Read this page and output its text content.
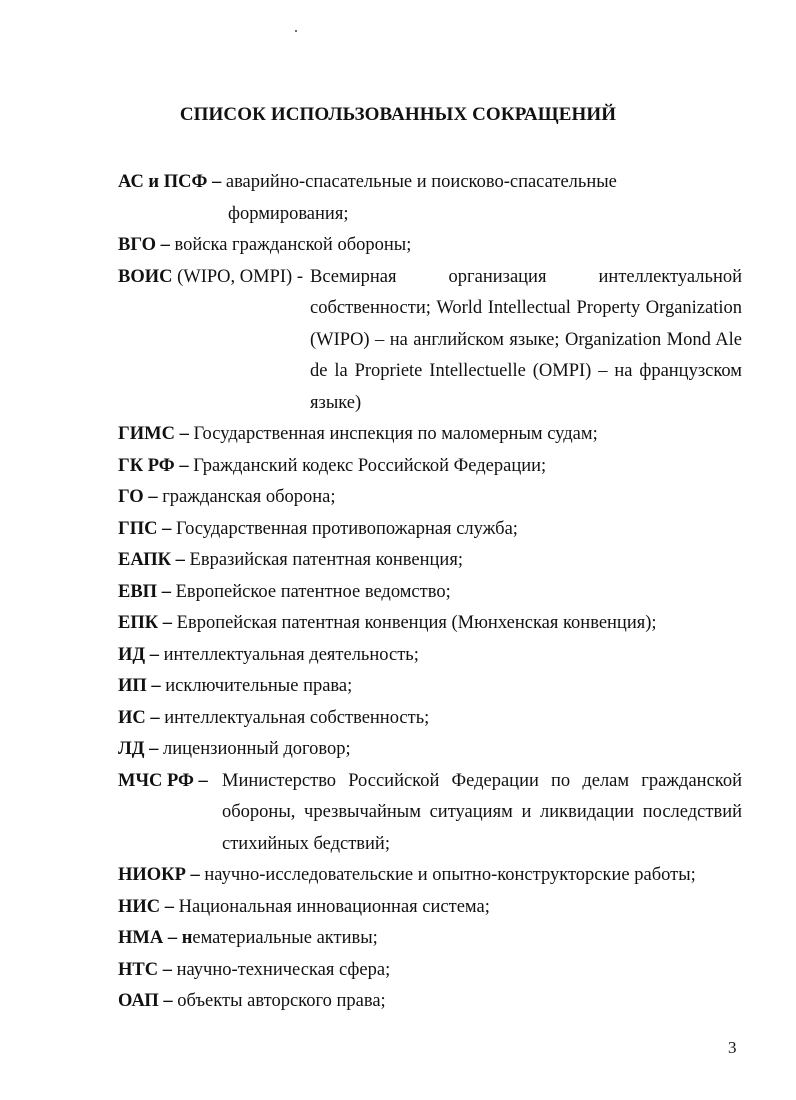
СПИСОК ИСПОЛЬЗОВАННЫХ СОКРАЩЕНИЙ
АС и ПСФ – аварийно-спасательные и поисково-спасательные
формирования;
ВГО – войска гражданской обороны;
ВОИС (WIPO, OMPI) - Всемирная организация интеллектуальной собственности; World Intellectual Property Organization (WIPO) – на английском языке; Organization Mond Ale de la Propriete Intellectuelle (OMPI) – на французском языке)
ГИМС – Государственная инспекция по маломерным судам;
ГК РФ – Гражданский кодекс Российской Федерации;
ГО – гражданская оборона;
ГПС – Государственная противопожарная служба;
ЕАПК – Евразийская патентная конвенция;
ЕВП – Европейское патентное ведомство;
ЕПК – Европейская патентная конвенция (Мюнхенская конвенция);
ИД – интеллектуальная деятельность;
ИП – исключительные права;
ИС – интеллектуальная собственность;
ЛД – лицензионный договор;
МЧС РФ – Министерство Российской Федерации по делам гражданской обороны, чрезвычайным ситуациям и ликвидации последствий стихийных бедствий;
НИОКР – научно-исследовательские и опытно-конструкторские работы;
НИС – Национальная инновационная система;
НМА – нематериальные активы;
НТС – научно-техническая сфера;
ОАП – объекты авторского права;
3
